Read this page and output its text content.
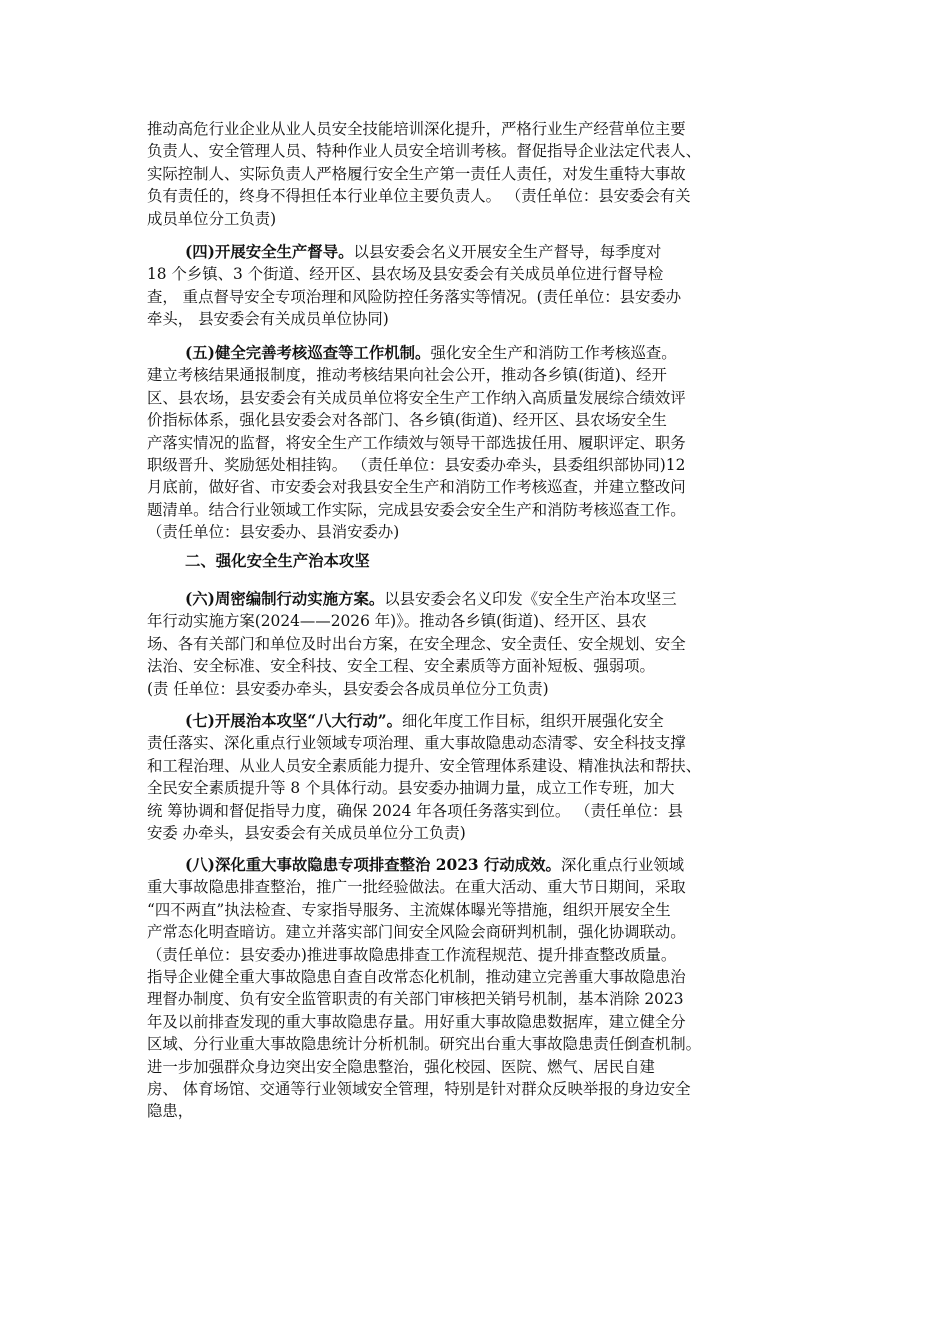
推动高危行业企业从业人员安全技能培训深化提升，严格行业生产经营单位主要
负责人、安全管理人员、特种作业人员安全培训考核。督促指导企业法定代表人、
实际控制人、实际负责人严格履行安全生产第一责任人责任，对发生重特大事故
负有责任的，终身不得担任本行业单位主要负责人。 （责任单位：县安委会有关
成员单位分工负责)
(四)开展安全生产督导。以县安委会名义开展安全生产督导，每季度对
18 个乡镇、3 个街道、经开区、县农场及县安委会有关成员单位进行督导检
查， 重点督导安全专项治理和风险防控任务落实等情况。(责任单位：县安委办
牵头， 县安委会有关成员单位协同)
(五)健全完善考核巡查等工作机制。强化安全生产和消防工作考核巡查。
建立考核结果通报制度，推动考核结果向社会公开，推动各乡镇(街道)、经开
区、县农场，县安委会有关成员单位将安全生产工作纳入高质量发展综合绩效评
价指标体系，强化县安委会对各部门、各乡镇(街道)、经开区、县农场安全生
产落实情况的监督，将安全生产工作绩效与领导干部选拔任用、履职评定、职务
职级晋升、奖励惩处相挂钩。 （责任单位：县安委办牵头，县委组织部协同)12
月底前，做好省、市安委会对我县安全生产和消防工作考核巡查，并建立整改问
题清单。结合行业领域工作实际，完成县安委会安全生产和消防考核巡查工作。
（责任单位：县安委办、县消安委办)
二、强化安全生产治本攻坚
(六)周密编制行动实施方案。以县安委会名义印发《安全生产治本攻坚三
年行动实施方案(2024——2026 年)》。推动各乡镇(街道)、经开区、县农
场、各有关部门和单位及时出台方案，在安全理念、安全责任、安全规划、安全
法治、安全标准、安全科技、安全工程、安全素质等方面补短板、强弱项。
(责 任单位：县安委办牵头，县安委会各成员单位分工负责)
(七)开展治本攻坚“八大行动”。细化年度工作目标，组织开展强化安全
责任落实、深化重点行业领域专项治理、重大事故隐患动态清零、安全科技支撑
和工程治理、从业人员安全素质能力提升、安全管理体系建设、精准执法和帮扶、
全民安全素质提升等 8 个具体行动。县安委办抽调力量，成立工作专班，加大
统 筹协调和督促指导力度，确保 2024 年各项任务落实到位。 （责任单位：县
安委 办牵头，县安委会有关成员单位分工负责)
(八)深化重大事故隐患专项排查整治 2023 行动成效。深化重点行业领域
重大事故隐患排查整治，推广一批经验做法。在重大活动、重大节日期间，采取
“四不两直”执法检查、专家指导服务、主流媒体曝光等措施，组织开展安全生
产常态化明查暗访。建立并落实部门间安全风险会商研判机制，强化协调联动。
（责任单位：县安委办)推进事故隐患排查工作流程规范、提升排查整改质量。
指导企业健全重大事故隐患自查自改常态化机制，推动建立完善重大事故隐患治
理督办制度、负有安全监管职责的有关部门审核把关销号机制，基本消除 2023
年及以前排查发现的重大事故隐患存量。用好重大事故隐患数据库，建立健全分
区域、分行业重大事故隐患统计分析机制。研究出台重大事故隐患责任倒查机制。
进一步加强群众身边突出安全隐患整治，强化校园、医院、燃气、居民自建
房、 体育场馆、交通等行业领域安全管理，特别是针对群众反映举报的身边安全
隐患，
